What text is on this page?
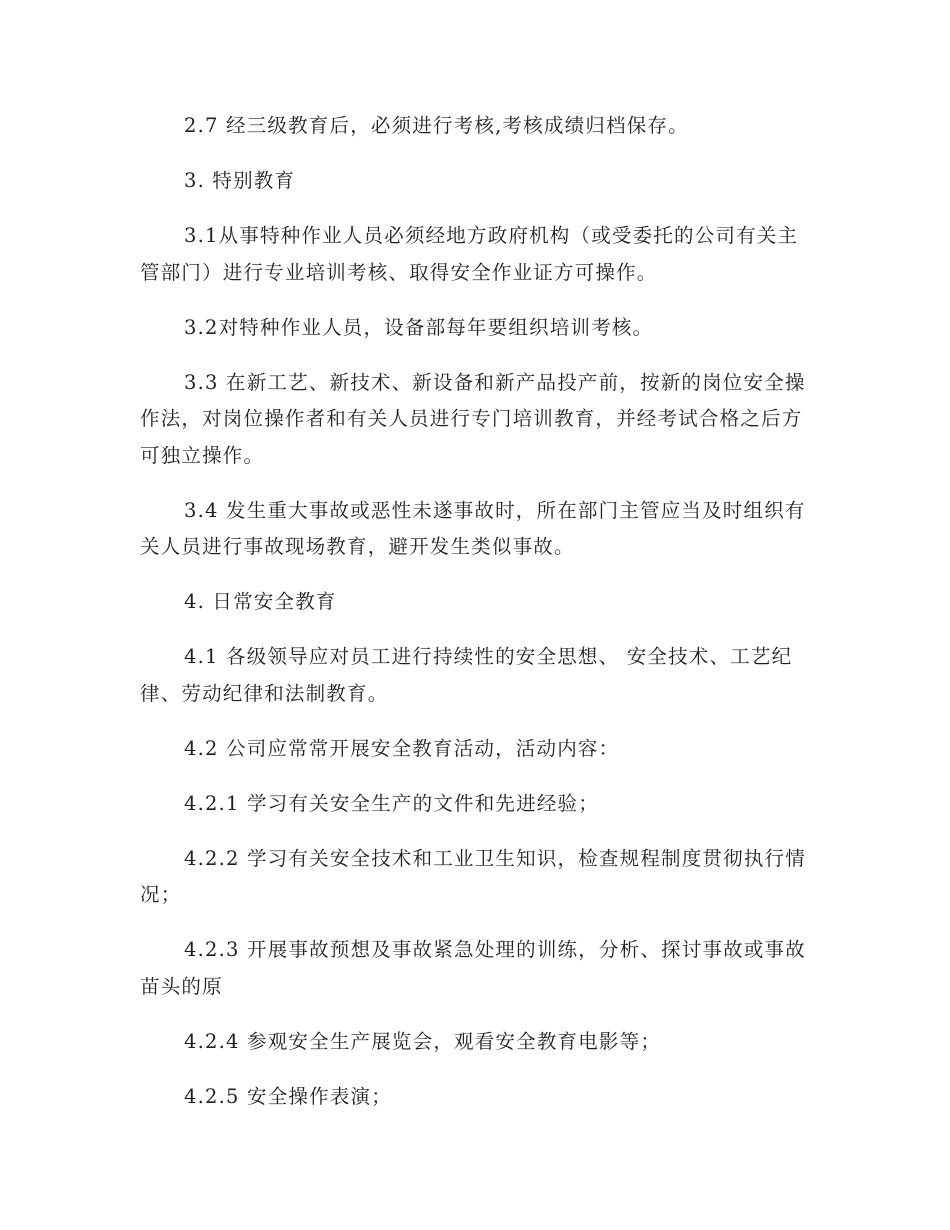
2.7 经三级教育后，必须进行考核,考核成绩归档保存。

3. 特别教育

3.1从事特种作业人员必须经地方政府机构（或受委托的公司有关主管部门）进行专业培训考核、取得安全作业证方可操作。

3.2对特种作业人员，设备部每年要组织培训考核。

3.3 在新工艺、新技术、新设备和新产品投产前，按新的岗位安全操作法，对岗位操作者和有关人员进行专门培训教育，并经考试合格之后方可独立操作。

3.4 发生重大事故或恶性未遂事故时，所在部门主管应当及时组织有关人员进行事故现场教育，避开发生类似事故。

4. 日常安全教育

4.1 各级领导应对员工进行持续性的安全思想、 安全技术、工艺纪律、劳动纪律和法制教育。

4.2 公司应常常开展安全教育活动，活动内容：

4.2.1 学习有关安全生产的文件和先进经验；

4.2.2 学习有关安全技术和工业卫生知识，检查规程制度贯彻执行情况；

4.2.3 开展事故预想及事故紧急处理的训练，分析、探讨事故或事故苗头的原

4.2.4 参观安全生产展览会，观看安全教育电影等；

4.2.5 安全操作表演；
